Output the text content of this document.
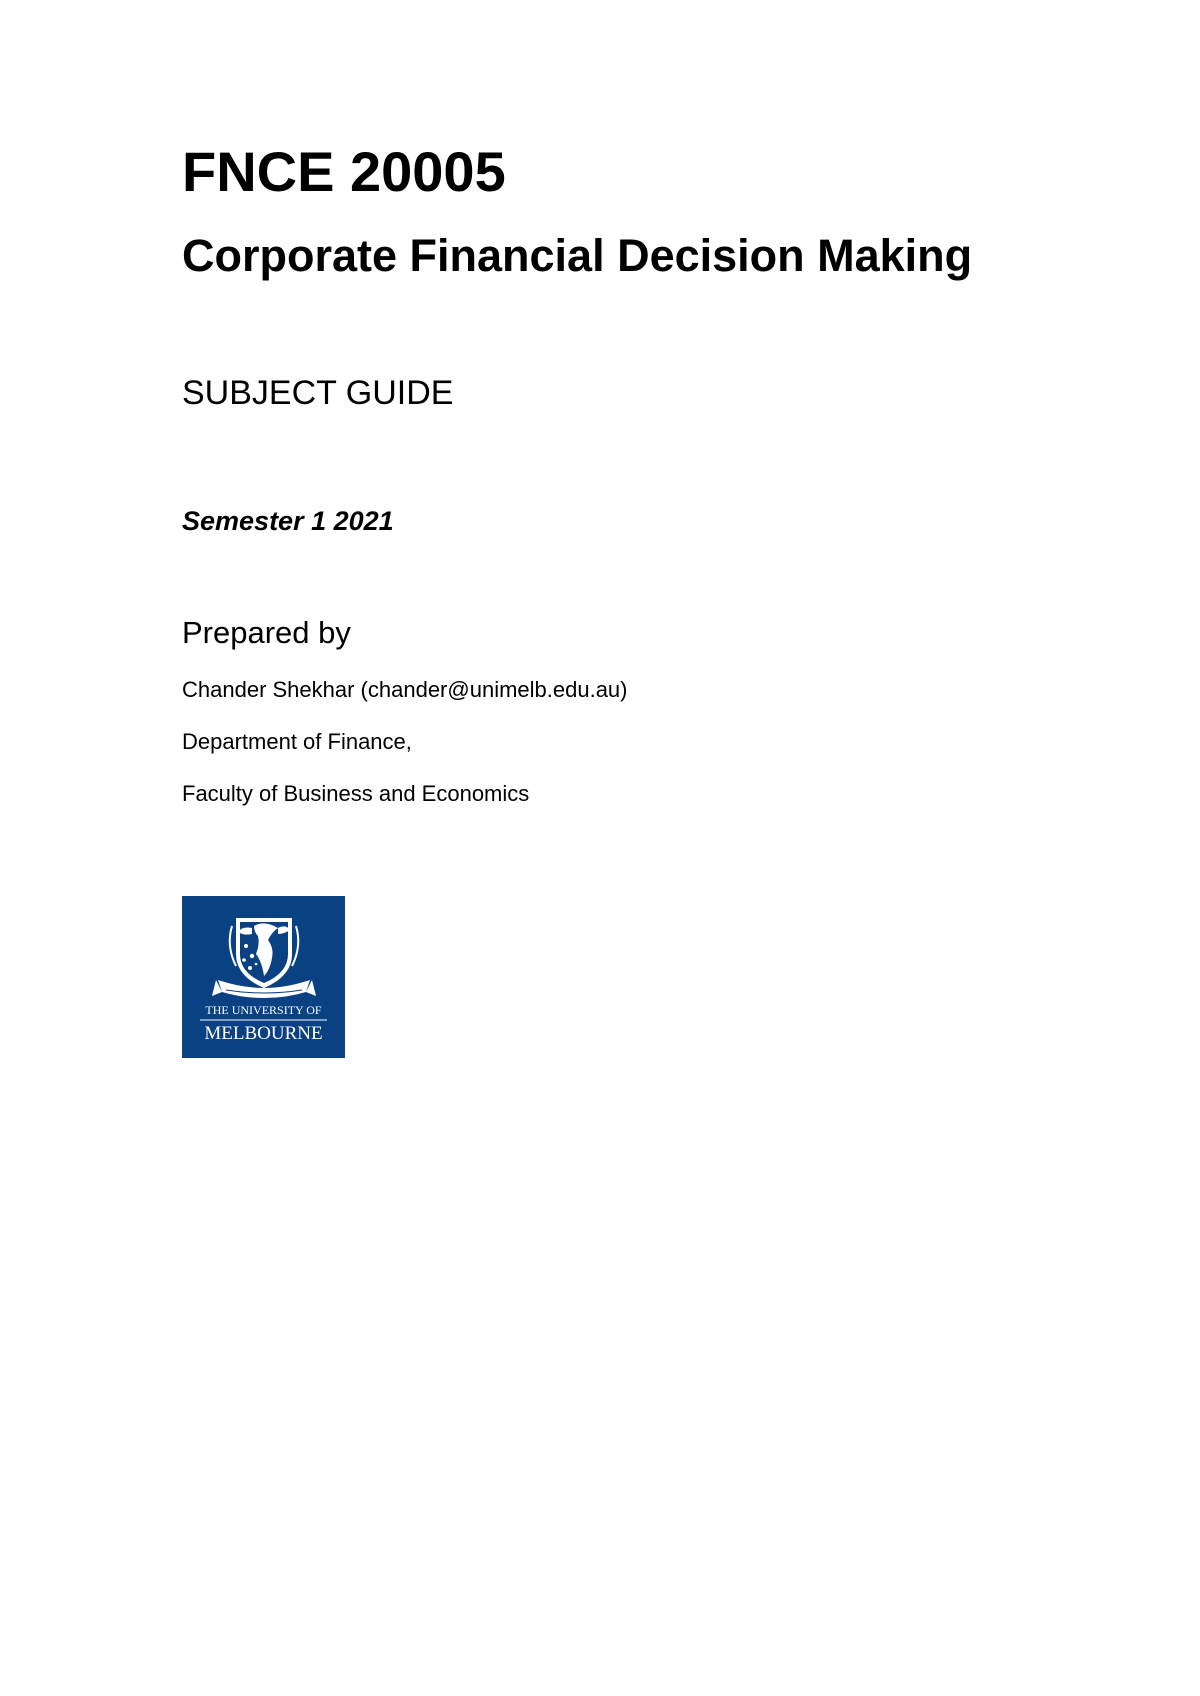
FNCE 20005
Corporate Financial Decision Making

SUBJECT GUIDE

Semester 1 2021

Prepared by

Chander Shekhar (chander@unimelb.edu.au)

Department of Finance,

Faculty of Business and Economics

THE UNIVERSITY OF
MELBOURNE
